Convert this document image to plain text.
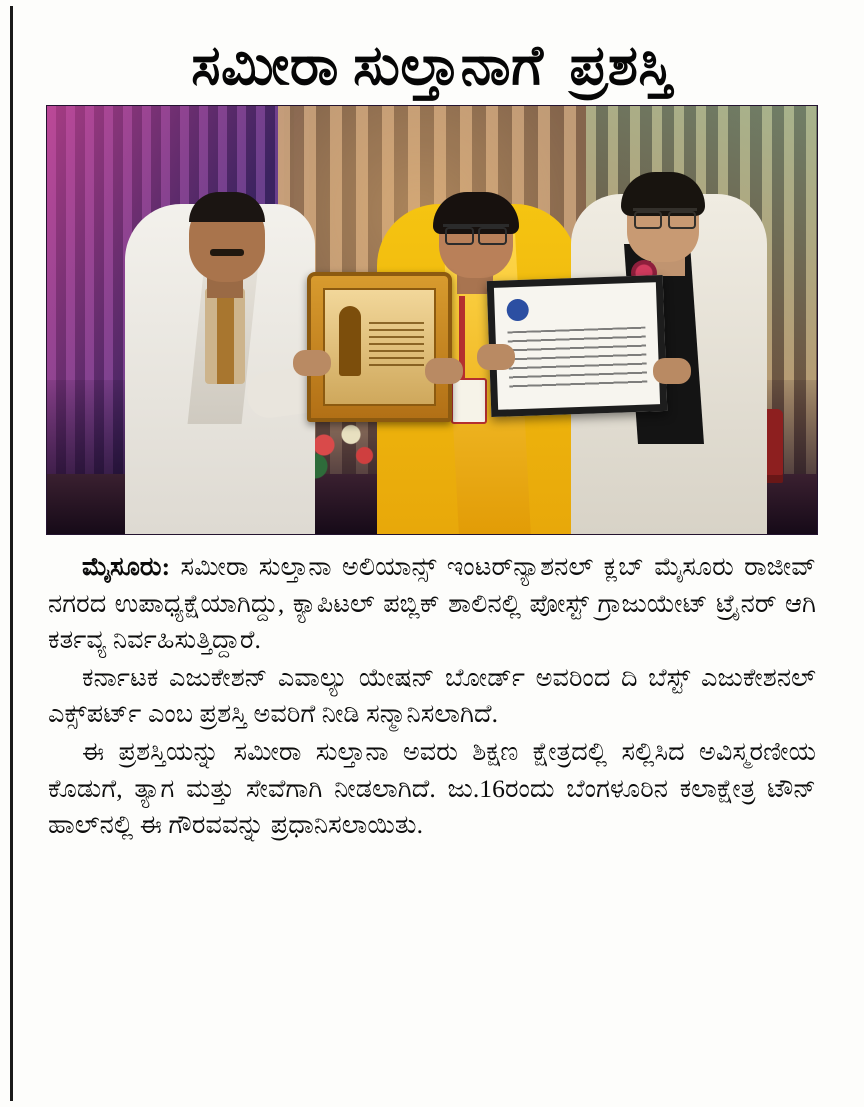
ಸಮೀರಾ ಸುಲ್ತಾನಾಗೆ ಪ್ರಶಸ್ತಿ

ಮೈಸೂರು: ಸಮೀರಾ ಸುಲ್ತಾನಾ ಅಲಿಯಾನ್ಸ್ ಇಂಟರ್‌ನ್ಯಾಶನಲ್ ಕ್ಲಬ್ ಮೈಸೂರು ರಾಜೀವ್ ನಗರದ ಉಪಾಧ್ಯಕ್ಷೆಯಾಗಿದ್ದು, ಕ್ಯಾಪಿಟಲ್ ಪಬ್ಲಿಕ್ ಶಾಲಿನಲ್ಲಿ ಪೋಸ್ಟ್ ಗ್ರಾಜುಯೇಟ್ ಟ್ರೈನರ್ ಆಗಿ ಕರ್ತವ್ಯ ನಿರ್ವಹಿಸುತ್ತಿದ್ದಾರೆ.

ಕರ್ನಾಟಕ ಎಜುಕೇಶನ್ ಎವಾಲ್ಯು ಯೇಷನ್ ಬೋರ್ಡ್ ಅವರಿಂದ ದಿ ಬೆಸ್ಟ್ ಎಜುಕೇಶನಲ್ ಎಕ್ಸ್‌ಪರ್ಟ್ ಎಂಬ ಪ್ರಶಸ್ತಿ ಅವರಿಗೆ ನೀಡಿ ಸನ್ಮಾನಿಸಲಾಗಿದೆ.

ಈ ಪ್ರಶಸ್ತಿಯನ್ನು ಸಮೀರಾ ಸುಲ್ತಾನಾ ಅವರು ಶಿಕ್ಷಣ ಕ್ಷೇತ್ರದಲ್ಲಿ ಸಲ್ಲಿಸಿದ ಅವಿಸ್ಮರಣೀಯ ಕೊಡುಗೆ, ತ್ಯಾಗ ಮತ್ತು ಸೇವೆಗಾಗಿ ನೀಡಲಾಗಿದೆ. ಜು.16ರಂದು ಬೆಂಗಳೂರಿನ ಕಲಾಕ್ಷೇತ್ರ ಟೌನ್ ಹಾಲ್‌ನಲ್ಲಿ ಈ ಗೌರವವನ್ನು ಪ್ರಧಾನಿಸಲಾಯಿತು.
